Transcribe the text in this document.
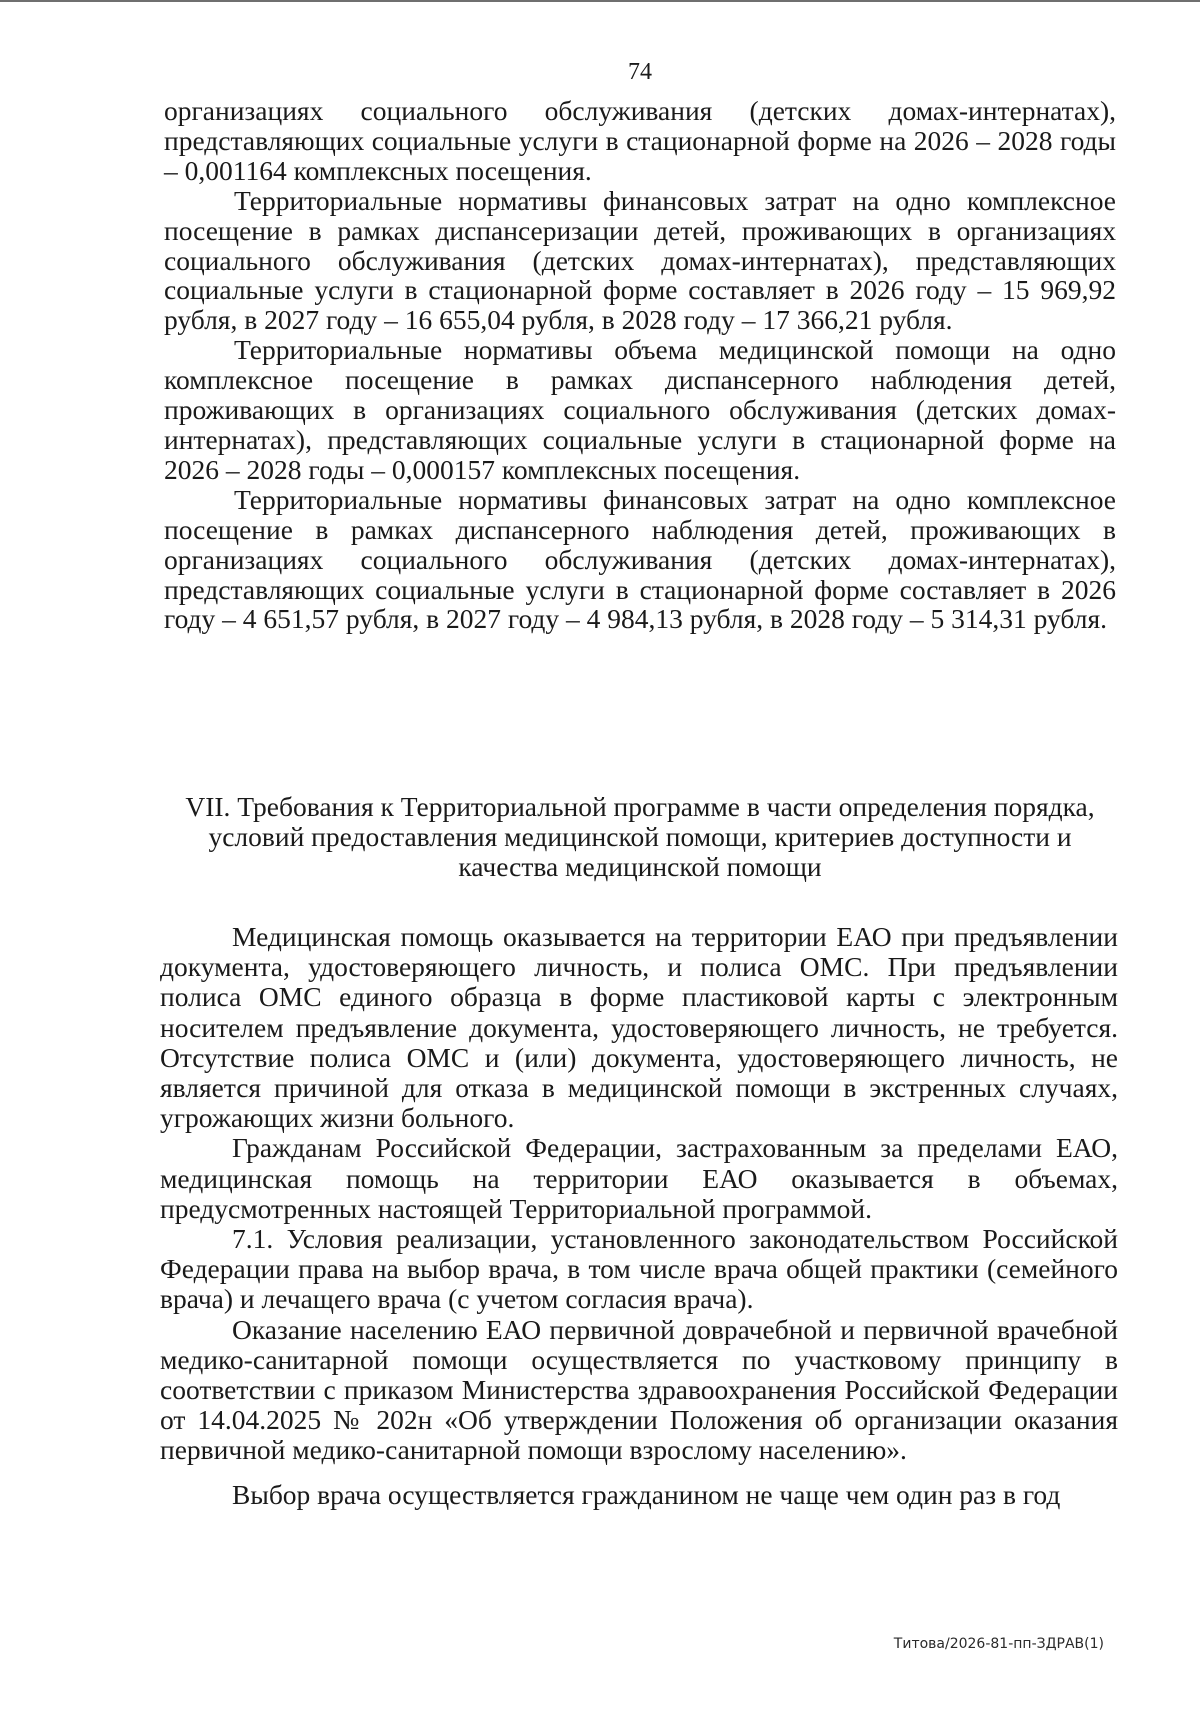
74

организациях социального обслуживания (детских домах-интернатах), представляющих социальные услуги в стационарной форме на 2026 – 2028 годы – 0,001164 комплексных посещения.

Территориальные нормативы финансовых затрат на одно комплексное посещение в рамках диспансеризации детей, проживающих в организациях социального обслуживания (детских домах-интернатах), представляющих социальные услуги в стационарной форме составляет в 2026 году – 15 969,92 рубля, в 2027 году – 16 655,04 рубля, в 2028 году – 17 366,21 рубля.

Территориальные нормативы объема медицинской помощи на одно комплексное посещение в рамках диспансерного наблюдения детей, проживающих в организациях социального обслуживания (детских домах-интернатах), представляющих социальные услуги в стационарной форме на 2026 – 2028 годы – 0,000157 комплексных посещения.

Территориальные нормативы финансовых затрат на одно комплексное посещение в рамках диспансерного наблюдения детей, проживающих в организациях социального обслуживания (детских домах-интернатах), представляющих социальные услуги в стационарной форме составляет в 2026 году – 4 651,57 рубля, в 2027 году – 4 984,13 рубля, в 2028 году – 5 314,31 рубля.

VII. Требования к Территориальной программе в части определения порядка,
условий предоставления медицинской помощи, критериев доступности и
качества медицинской помощи

Медицинская помощь оказывается на территории ЕАО при предъявлении документа, удостоверяющего личность, и полиса ОМС. При предъявлении полиса ОМС единого образца в форме пластиковой карты с электронным носителем предъявление документа, удостоверяющего личность, не требуется. Отсутствие полиса ОМС и (или) документа, удостоверяющего личность, не является причиной для отказа в медицинской помощи в экстренных случаях, угрожающих жизни больного.

Гражданам Российской Федерации, застрахованным за пределами ЕАО, медицинская помощь на территории ЕАО оказывается в объемах, предусмотренных настоящей Территориальной программой.

7.1. Условия реализации, установленного законодательством Российской Федерации права на выбор врача, в том числе врача общей практики (семейного врача) и лечащего врача (с учетом согласия врача).

Оказание населению ЕАО первичной доврачебной и первичной врачебной медико-санитарной помощи осуществляется по участковому принципу в соответствии с приказом Министерства здравоохранения Российской Федерации от 14.04.2025 № 202н «Об утверждении Положения об организации оказания первичной медико-санитарной помощи взрослому населению».

Выбор врача осуществляется гражданином не чаще чем один раз в год

Титова/2026-81-пп-ЗДРАВ(1)
